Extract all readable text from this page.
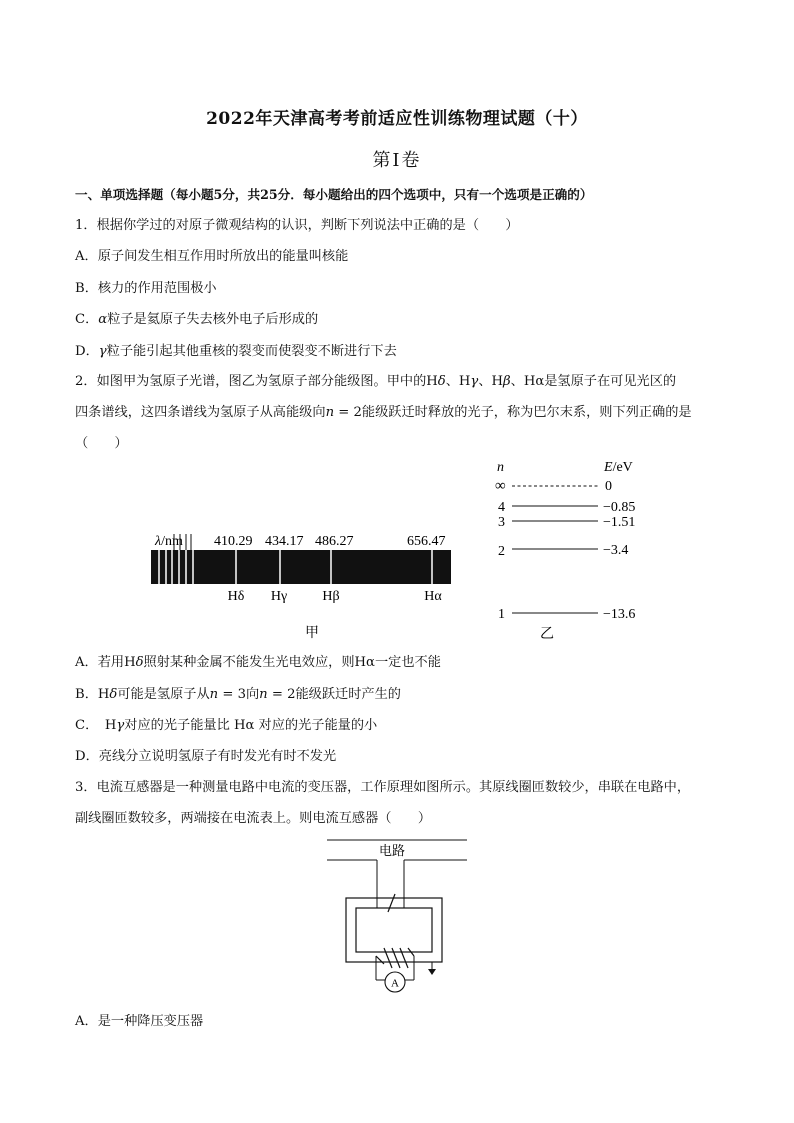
2022年天津高考考前适应性训练物理试题（十）
第Ⅰ卷
一、单项选择题（每小题5分，共25分．每小题给出的四个选项中，只有一个选项是正确的）
1．根据你学过的对原子微观结构的认识，判断下列说法中正确的是（　　）
A．原子间发生相互作用时所放出的能量叫核能
B．核力的作用范围极小
C．α粒子是氦原子失去核外电子后形成的
D．γ粒子能引起其他重核的裂变而使裂变不断进行下去
2．如图甲为氢原子光谱，图乙为氢原子部分能级图。甲中的Hδ、Hγ、Hβ、Hα是氢原子在可见光区的
四条谱线，这四条谱线为氢原子从高能级向n = 2能级跃迁时释放的光子，称为巴尔末系，则下列正确的是
（　　）
n	E/eV
∞	0
4	−0.85
3	−1.51
2	−3.4
1	−13.6
乙
λ/nm 410.29 434.17 486.27	656.47
Hδ Hγ	Hβ	Hα
甲
A．若用Hδ照射某种金属不能发生光电效应，则Hα一定也不能
B．Hδ可能是氢原子从n = 3向n = 2能级跃迁时产生的
C．　Hγ对应的光子能量比 Hα 对应的光子能量的小
D．亮线分立说明氢原子有时发光有时不发光
3．电流互感器是一种测量电路中电流的变压器，工作原理如图所示。其原线圈匝数较少，串联在电路中，
副线圈匝数较多，两端接在电流表上。则电流互感器（　　）
电路
A
A．是一种降压变压器
